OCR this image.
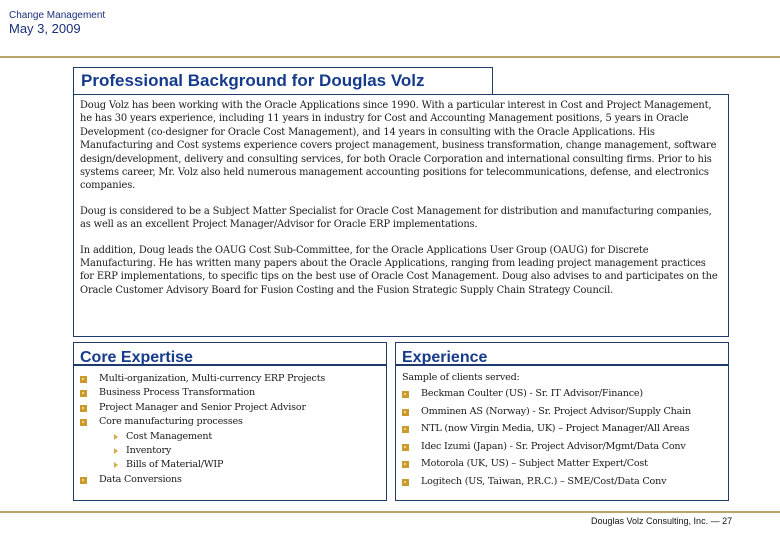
Change Management
May 3, 2009
Professional Background for Douglas Volz

Doug Volz has been working with the Oracle Applications since 1990. With a particular interest in Cost and Project Management, he has 30 years experience, including 11 years in industry for Cost and Accounting Management positions, 5 years in Oracle Development (co-designer for Oracle Cost Management), and 14 years in consulting with the Oracle Applications. His Manufacturing and Cost systems experience covers project management, business transformation, change management, software design/development, delivery and consulting services, for both Oracle Corporation and international consulting firms. Prior to his systems career, Mr. Volz also held numerous management accounting positions for telecommunications, defense, and electronics companies.

Doug is considered to be a Subject Matter Specialist for Oracle Cost Management for distribution and manufacturing companies, as well as an excellent Project Manager/Advisor for Oracle ERP implementations.

In addition, Doug leads the OAUG Cost Sub-Committee, for the Oracle Applications User Group (OAUG) for Discrete Manufacturing. He has written many papers about the Oracle Applications, ranging from leading project management practices for ERP implementations, to specific tips on the best use of Oracle Cost Management. Doug also advises to and participates on the Oracle Customer Advisory Board for Fusion Costing and the Fusion Strategic Supply Chain Strategy Council.

Core Expertise
Multi-organization, Multi-currency ERP Projects
Business Process Transformation
Project Manager and Senior Project Advisor
Core manufacturing processes
Cost Management
Inventory
Bills of Material/WIP
Data Conversions
Experience
Sample of clients served:
Beckman Coulter (US) - Sr. IT Advisor/Finance)
Omminen AS (Norway) - Sr. Project Advisor/Supply Chain
NTL (now Virgin Media, UK) – Project Manager/All Areas
Idec Izumi (Japan) - Sr. Project Advisor/Mgmt/Data Conv
Motorola (UK, US) – Subject Matter Expert/Cost
Logitech (US, Taiwan, P.R.C.) – SME/Cost/Data Conv
Douglas Volz Consulting, Inc. — 27
